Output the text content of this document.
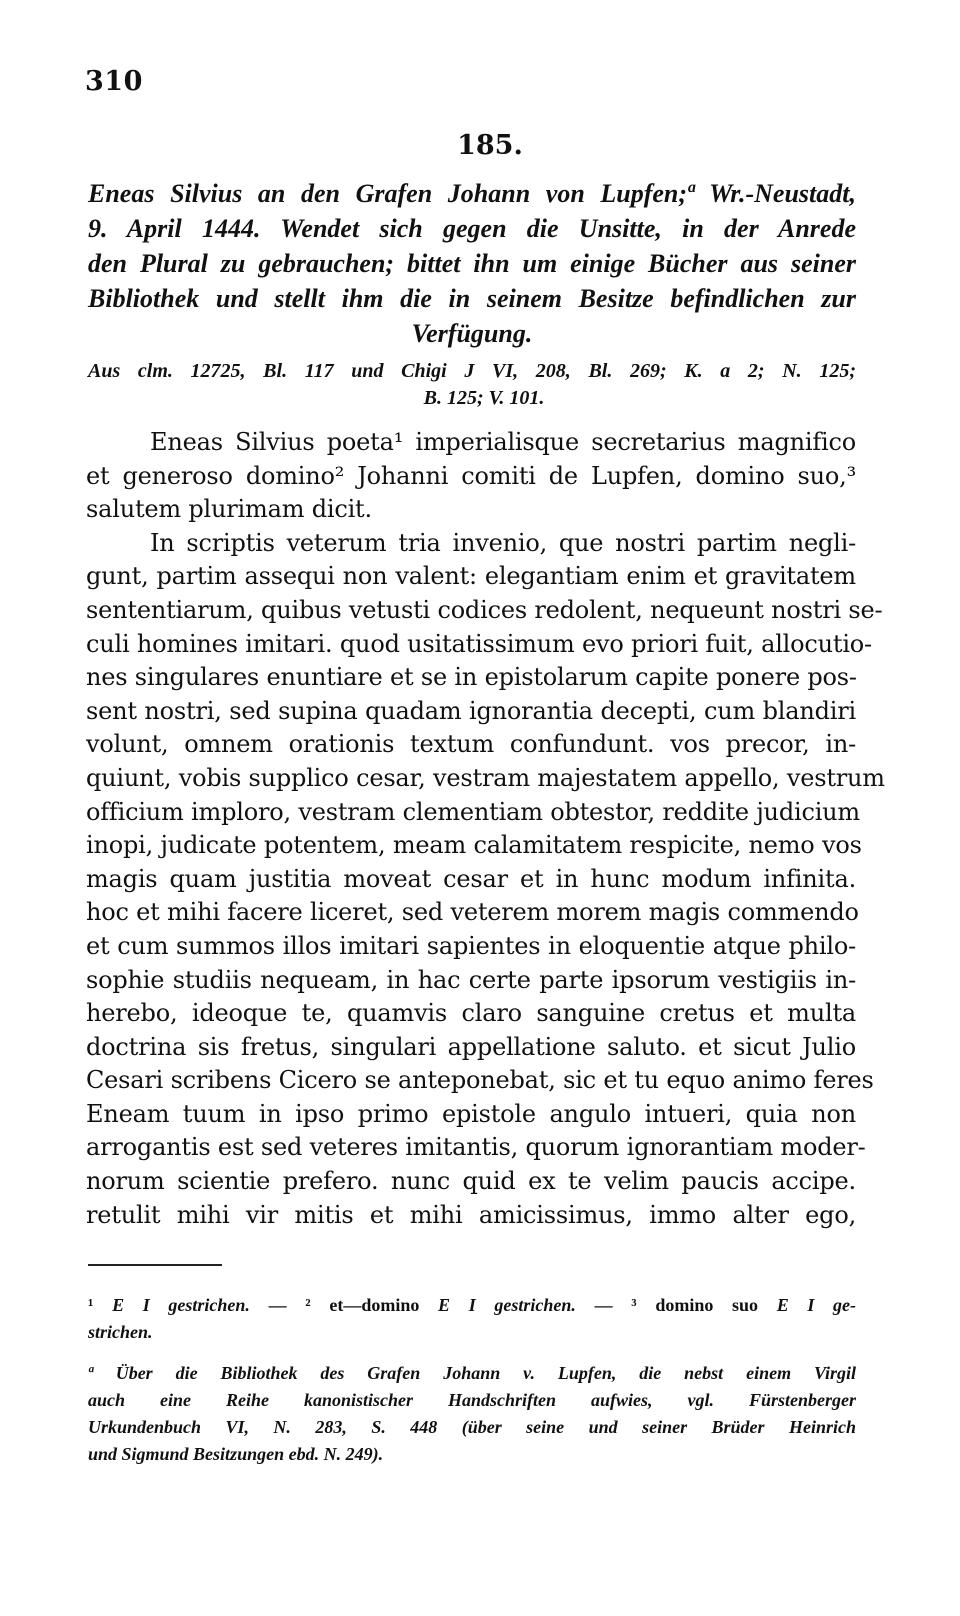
310
185.
Eneas Silvius an den Grafen Johann von Lupfen;ª Wr.-Neustadt,
9. April 1444. Wendet sich gegen die Unsitte, in der Anrede
den Plural zu gebrauchen; bittet ihn um einige Bücher aus seiner
Bibliothek und stellt ihm die in seinem Besitze befindlichen zur
Verfügung.
Aus clm. 12725, Bl. 117 und Chigi J VI, 208, Bl. 269; K. a 2; N. 125;
B. 125; V. 101.
Eneas Silvius poeta¹ imperialisque secretarius magnifico
et generoso domino² Johanni comiti de Lupfen, domino suo,³
salutem plurimam dicit.
In scriptis veterum tria invenio, que nostri partim negli-
gunt, partim assequi non valent: elegantiam enim et gravitatem
sententiarum, quibus vetusti codices redolent, nequeunt nostri se-
culi homines imitari. quod usitatissimum evo priori fuit, allocutio-
nes singulares enuntiare et se in epistolarum capite ponere pos-
sent nostri, sed supina quadam ignorantia decepti, cum blandiri
volunt, omnem orationis textum confundunt. vos precor, in-
quiunt, vobis supplico cesar, vestram majestatem appello, vestrum
officium imploro, vestram clementiam obtestor, reddite judicium
inopi, judicate potentem, meam calamitatem respicite, nemo vos
magis quam justitia moveat cesar et in hunc modum infinita.
hoc et mihi facere liceret, sed veterem morem magis commendo
et cum summos illos imitari sapientes in eloquentie atque philo-
sophie studiis nequeam, in hac certe parte ipsorum vestigiis in-
herebo, ideoque te, quamvis claro sanguine cretus et multa
doctrina sis fretus, singulari appellatione saluto. et sicut Julio
Cesari scribens Cicero se anteponebat, sic et tu equo animo feres
Eneam tuum in ipso primo epistole angulo intueri, quia non
arrogantis est sed veteres imitantis, quorum ignorantiam moder-
norum scientie prefero. nunc quid ex te velim paucis accipe.
retulit mihi vir mitis et mihi amicissimus, immo alter ego,
¹ E I gestrichen. — ² et—domino E I gestrichen. — ³ domino suo E I ge-
strichen.
ª Über die Bibliothek des Grafen Johann v. Lupfen, die nebst einem Virgil
auch eine Reihe kanonistischer Handschriften aufwies, vgl. Fürstenberger
Urkundenbuch VI, N. 283, S. 448 (über seine und seiner Brüder Heinrich
und Sigmund Besitzungen ebd. N. 249).
